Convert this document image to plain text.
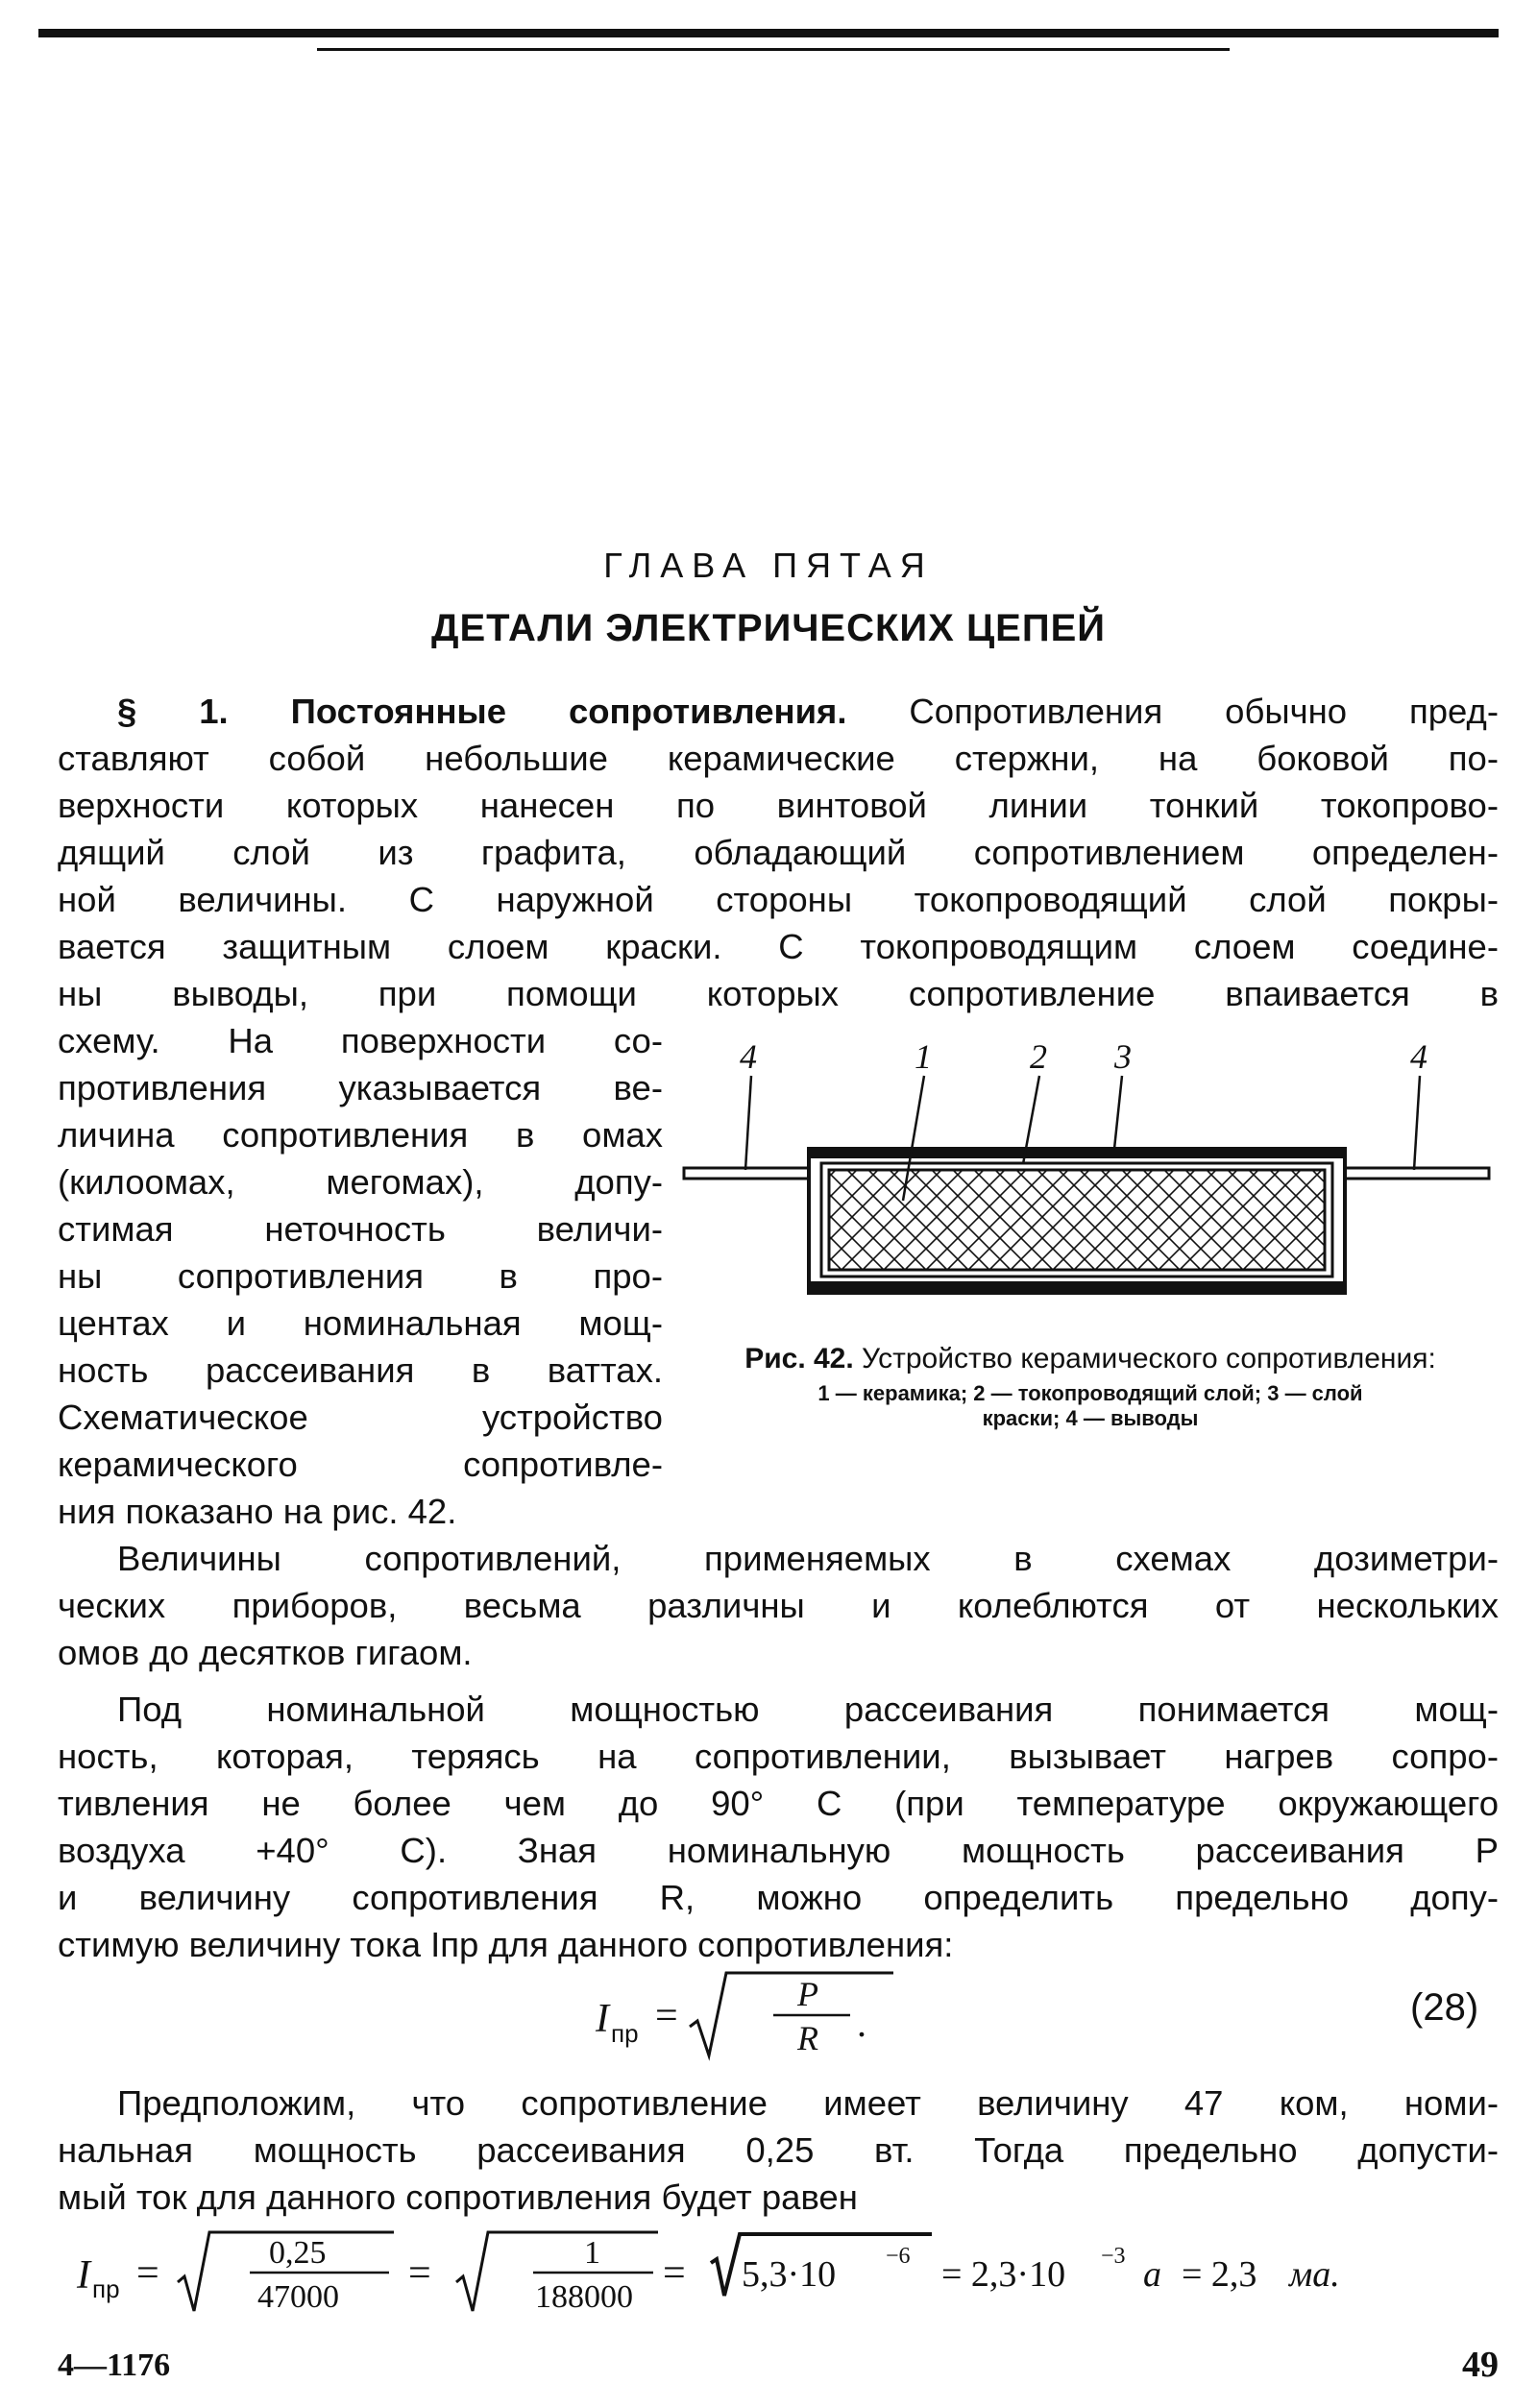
ГЛАВА ПЯТАЯ
ДЕТАЛИ ЭЛЕКТРИЧЕСКИХ ЦЕПЕЙ
§ 1. Постоянные сопротивления. Сопротивления обычно пред-
ставляют собой небольшие керамические стержни, на боковой по-
верхности которых нанесен по винтовой линии тонкий токопрово-
дящий слой из графита, обладающий сопротивлением определен-
ной величины. С наружной стороны токопроводящий слой покры-
вается защитным слоем краски. С токопроводящим слоем соедине-
ны выводы, при помощи которых сопротивление впаивается в
схему. На поверхности со-
противления указывается ве-
личина сопротивления в омах
(килоомах, мегомах), допу-
стимая неточность величи-
ны сопротивления в про-
центах и номинальная мощ-
ность рассеивания в ваттах.
Схематическое устройство
керамического сопротивле-
ния показано на рис. 42.
4	1	2 3	4
Рис. 42. Устройство керамического сопротивления:
1 — керамика; 2 — токопроводящий слой; 3 — слой
краски; 4 — выводы
Величины сопротивлений, применяемых в схемах дозиметри-
ческих приборов, весьма различны и колеблются от нескольких
омов до десятков гигаом.
Под номинальной мощностью рассеивания понимается мощ-
ность, которая, теряясь на сопротивлении, вызывает нагрев сопро-
тивления не более чем до 90° С (при температуре окружающего
воздуха +40° С). Зная номинальную мощность рассеивания P
и величину сопротивления R, можно определить предельно допу-
стимую величину тока Iпр для данного сопротивления:
I пр =	P
R .	(28)
Предположим, что сопротивление имеет величину 47 ком, номи-
нальная мощность рассеивания 0,25 вт. Тогда предельно допусти-
мый ток для данного сопротивления будет равен
I пр =	0,25
47000
=	1
188000
= 5,3·10 −6 = 2,3·10 −3 а = 2,3 ма.
4—1176	49
